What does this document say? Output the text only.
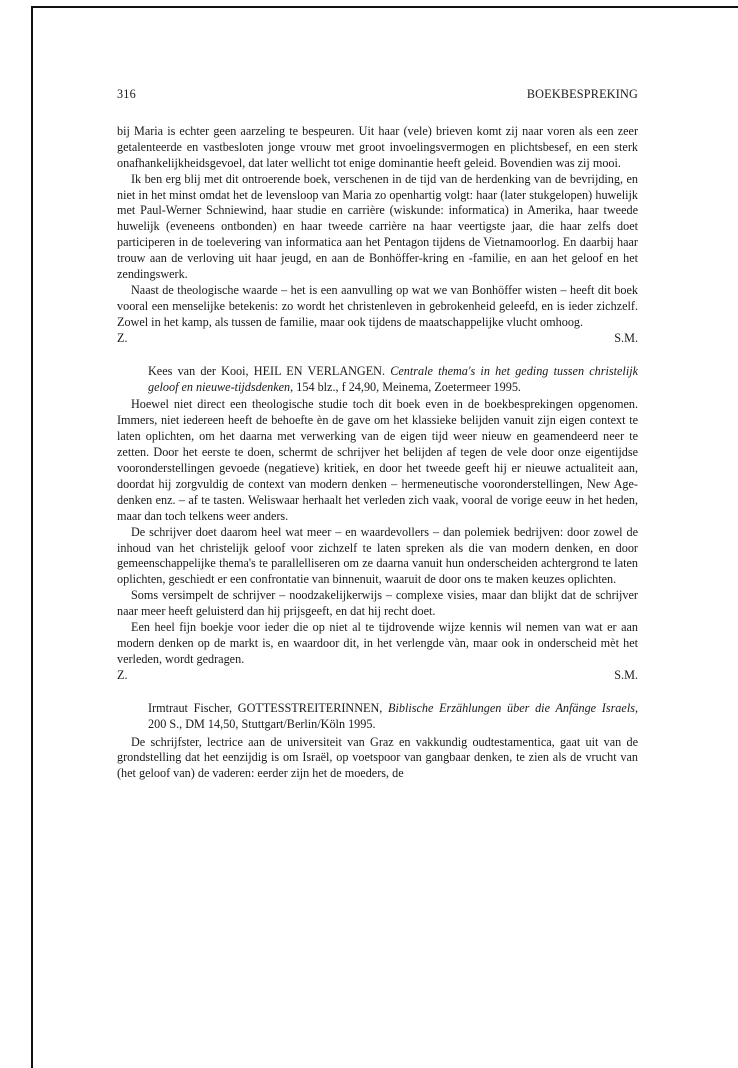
316	BOEKBESPREKING

bij Maria is echter geen aarzeling te bespeuren. Uit haar (vele) brieven komt zij naar voren als een zeer getalenteerde en vastbesloten jonge vrouw met groot invoelingsvermogen en plichtsbesef, en een sterk onafhankelijkheidsgevoel, dat later wellicht tot enige dominantie heeft geleid. Bovendien was zij mooi.

Ik ben erg blij met dit ontroerende boek, verschenen in de tijd van de herdenking van de bevrijding, en niet in het minst omdat het de levensloop van Maria zo openhartig volgt: haar (later stukgelopen) huwelijk met Paul-Werner Schniewind, haar studie en carrière (wiskunde: informatica) in Amerika, haar tweede huwelijk (eveneens ontbonden) en haar tweede carrière na haar veertigste jaar, die haar zelfs doet participeren in de toelevering van informatica aan het Pentagon tijdens de Vietnamoorlog. En daarbij haar trouw aan de verloving uit haar jeugd, en aan de Bonhöffer-kring en -familie, en aan het geloof en het zendingswerk.

Naast de theologische waarde – het is een aanvulling op wat we van Bonhöffer wisten – heeft dit boek vooral een menselijke betekenis: zo wordt het christenleven in gebrokenheid geleefd, en is ieder zichzelf. Zowel in het kamp, als tussen de familie, maar ook tijdens de maatschappelijke vlucht omhoog.

Z.	S.M.

Kees van der Kooi, HEIL EN VERLANGEN. Centrale thema's in het geding tussen christelijk geloof en nieuwe-tijdsdenken, 154 blz., f 24,90, Meinema, Zoetermeer 1995.

Hoewel niet direct een theologische studie toch dit boek even in de boekbesprekingen opgenomen. Immers, niet iedereen heeft de behoefte èn de gave om het klassieke belijden vanuit zijn eigen context te laten oplichten, om het daarna met verwerking van de eigen tijd weer nieuw en geamendeerd neer te zetten. Door het eerste te doen, schermt de schrijver het belijden af tegen de vele door onze eigentijdse vooronderstellingen gevoede (negatieve) kritiek, en door het tweede geeft hij er nieuwe actualiteit aan, doordat hij zorgvuldig de context van modern denken – hermeneutische vooronderstellingen, New Age-denken enz. – af te tasten. Weliswaar herhaalt het verleden zich vaak, vooral de vorige eeuw in het heden, maar dan toch telkens weer anders.

De schrijver doet daarom heel wat meer – en waardevollers – dan polemiek bedrijven: door zowel de inhoud van het christelijk geloof voor zichzelf te laten spreken als die van modern denken, en door gemeenschappelijke thema's te parallelliseren om ze daarna vanuit hun onderscheiden achtergrond te laten oplichten, geschiedt er een confrontatie van binnenuit, waaruit de door ons te maken keuzes oplichten.

Soms versimpelt de schrijver – noodzakelijkerwijs – complexe visies, maar dan blijkt dat de schrijver naar meer heeft geluisterd dan hij prijsgeeft, en dat hij recht doet.

Een heel fijn boekje voor ieder die op niet al te tijdrovende wijze kennis wil nemen van wat er aan modern denken op de markt is, en waardoor dit, in het verlengde vàn, maar ook in onderscheid mèt het verleden, wordt gedragen.

Z.	S.M.

Irmtraut Fischer, GOTTESSTREITERINNEN, Biblische Erzählungen über die Anfänge Israels, 200 S., DM 14,50, Stuttgart/Berlin/Köln 1995.

De schrijfster, lectrice aan de universiteit van Graz en vakkundig oudtestamentica, gaat uit van de grondstelling dat het eenzijdig is om Israël, op voetspoor van gangbaar denken, te zien als de vrucht van (het geloof van) de vaderen: eerder zijn het de moeders, de
